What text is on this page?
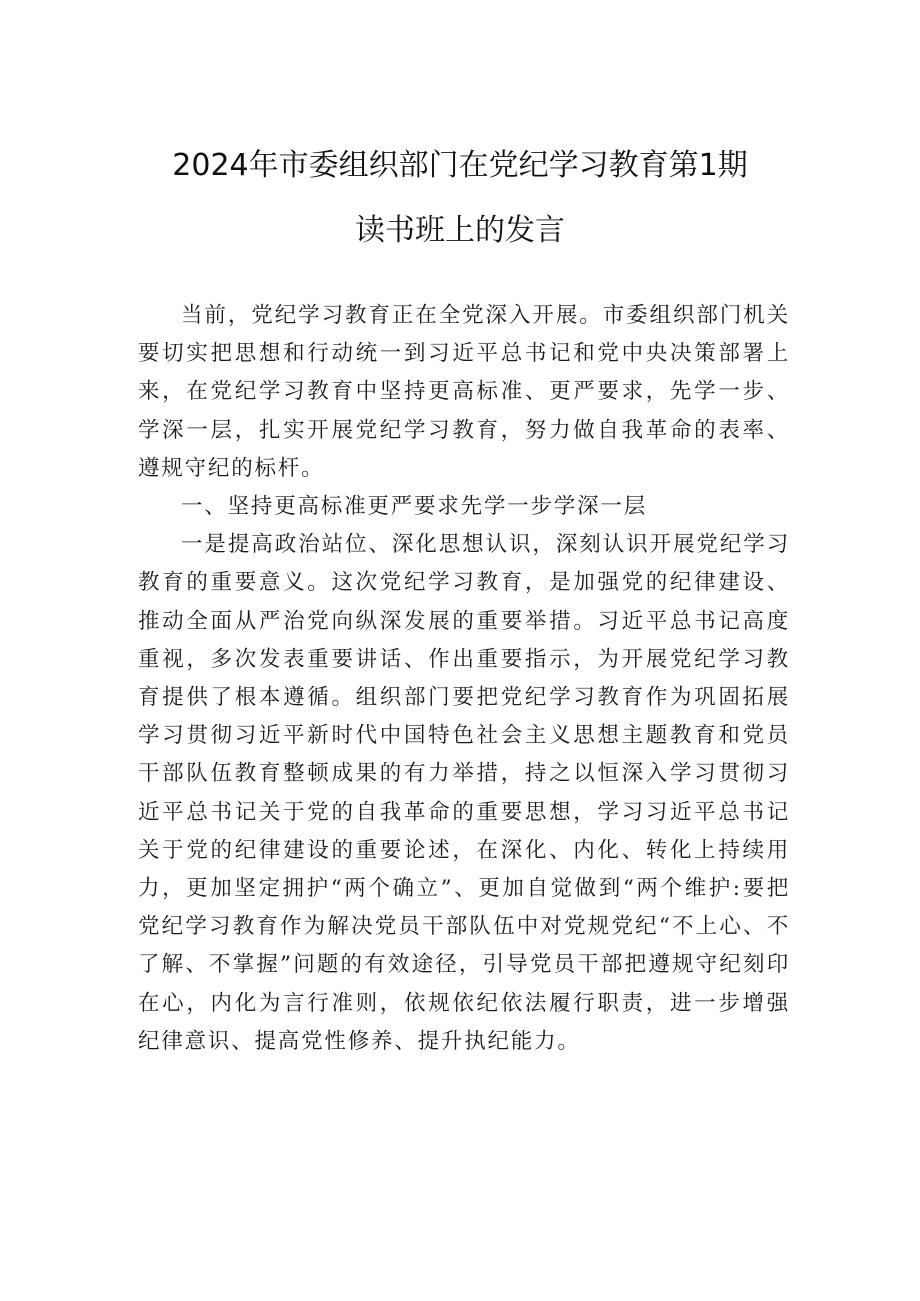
2024年市委组织部门在党纪学习教育第1期
读书班上的发言

当前，党纪学习教育正在全党深入开展。市委组织部门机关要切实把思想和行动统一到习近平总书记和党中央决策部署上来，在党纪学习教育中坚持更高标准、更严要求，先学一步、学深一层，扎实开展党纪学习教育，努力做自我革命的表率、遵规守纪的标杆。

一、坚持更高标准更严要求先学一步学深一层

一是提高政治站位、深化思想认识，深刻认识开展党纪学习教育的重要意义。这次党纪学习教育，是加强党的纪律建设、推动全面从严治党向纵深发展的重要举措。习近平总书记高度重视，多次发表重要讲话、作出重要指示，为开展党纪学习教育提供了根本遵循。组织部门要把党纪学习教育作为巩固拓展学习贯彻习近平新时代中国特色社会主义思想主题教育和党员干部队伍教育整顿成果的有力举措，持之以恒深入学习贯彻习近平总书记关于党的自我革命的重要思想，学习习近平总书记关于党的纪律建设的重要论述，在深化、内化、转化上持续用力，更加坚定拥护“两个确立”、更加自觉做到“两个维护:要把党纪学习教育作为解决党员干部队伍中对党规党纪“不上心、不了解、不掌握”问题的有效途径，引导党员干部把遵规守纪刻印在心，内化为言行准则，依规依纪依法履行职责，进一步增强纪律意识、提高党性修养、提升执纪能力。
